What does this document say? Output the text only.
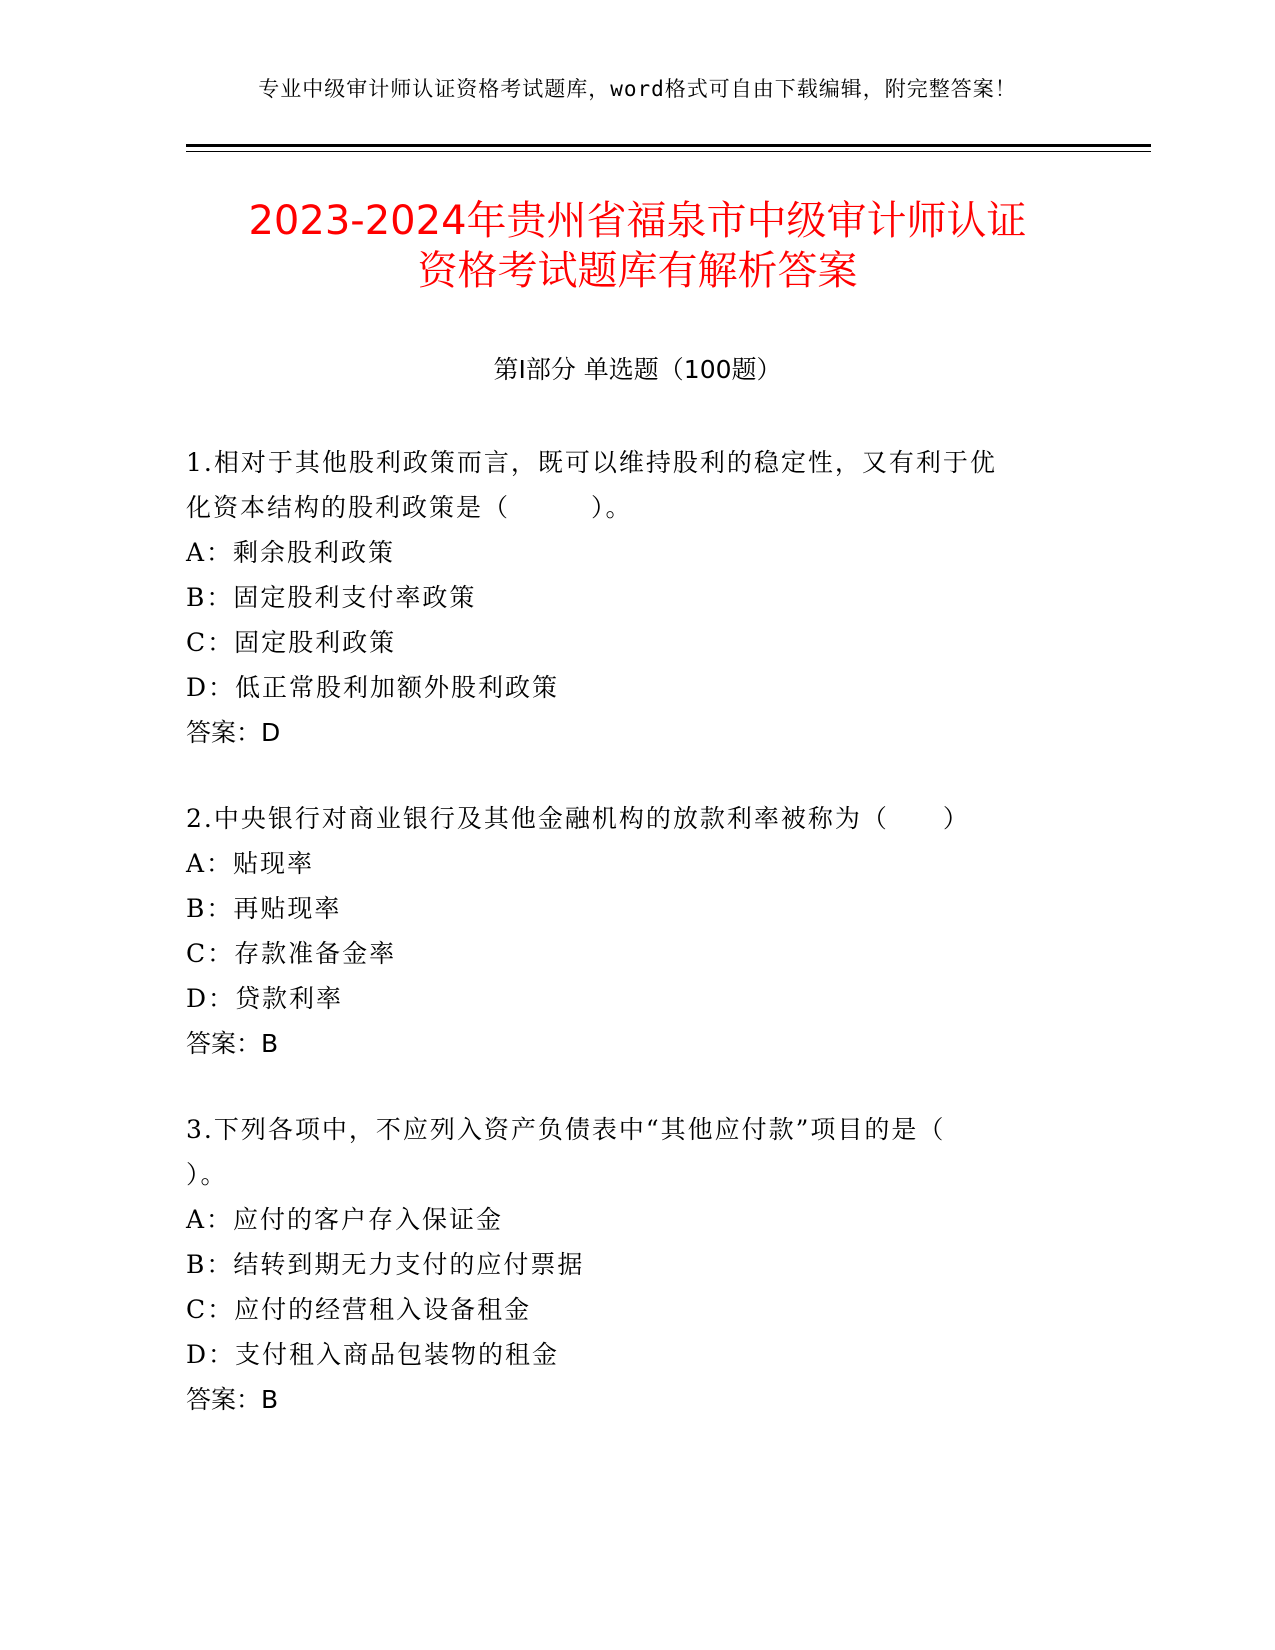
专业中级审计师认证资格考试题库，word格式可自由下载编辑，附完整答案！
2023-2024年贵州省福泉市中级审计师认证
资格考试题库有解析答案
第Ⅰ部分 单选题（100题）
1.相对于其他股利政策而言，既可以维持股利的稳定性，又有利于优
化资本结构的股利政策是（　　　）。
A：剩余股利政策
B：固定股利支付率政策
C：固定股利政策
D：低正常股利加额外股利政策
答案：D
2.中央银行对商业银行及其他金融机构的放款利率被称为（　　）
A：贴现率
B：再贴现率
C：存款准备金率
D：贷款利率
答案：B
3.下列各项中，不应列入资产负债表中“其他应付款”项目的是（
）。
A：应付的客户存入保证金
B：结转到期无力支付的应付票据
C：应付的经营租入设备租金
D：支付租入商品包装物的租金
答案：B
